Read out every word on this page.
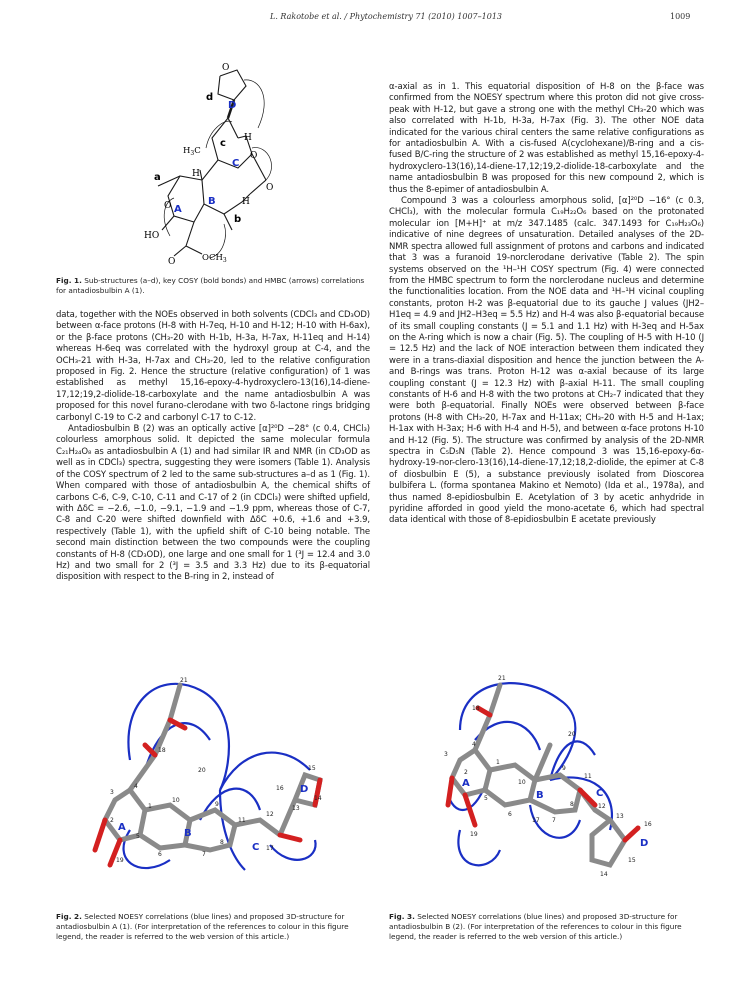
L. Rakotobe et al. / Phytochemistry 71 (2010) 1007–1013	1009
O
d
D
H
c
$H_3C$
C
O
O
a	H
B	H
b
O A
HO
O	$OCH_3$
Fig. 1. Sub-structures (a–d), key COSY (bold bonds) and HMBC (arrows) correlations for antadiosbulbin A (1).

data, together with the NOEs observed in both solvents (CDCl₃ and CD₃OD) between α-face protons (H-8 with H-7eq, H-10 and H-12; H-10 with H-6ax), or the β-face protons (CH₃-20 with H-1b, H-3a, H-7ax, H-11eq and H-14) whereas H-6eq was correlated with the hydroxyl group at C-4, and the OCH₃-21 with H-3a, H-7ax and CH₃-20, led to the relative configuration proposed in Fig. 2. Hence the structure (relative configuration) of 1 was established as methyl 15,16-epoxy-4-hydroxyclero-13(16),14-diene-17,12;19,2-diolide-18-carboxylate and the name antadiosbulbin A was proposed for this novel furano-clerodane with two δ-lactone rings bridging carbonyl C-19 to C-2 and carbonyl C-17 to C-12.

Antadiosbulbin B (2) was an optically active [α]²⁰D −28° (c 0.4, CHCl₃) colourless amorphous solid. It depicted the same molecular formula C₂₁H₂₄O₈ as antadiosbulbin A (1) and had similar IR and NMR (in CD₃OD as well as in CDCl₃) spectra, suggesting they were isomers (Table 1). Analysis of the COSY spectrum of 2 led to the same sub-structures a–d as 1 (Fig. 1). When compared with those of antadiosbulbin A, the chemical shifts of carbons C-6, C-9, C-10, C-11 and C-17 of 2 (in CDCl₃) were shifted upfield, with ΔδC = −2.6, −1.0, −9.1, −1.9 and −1.9 ppm, whereas those of C-7, C-8 and C-20 were shifted downfield with ΔδC +0.6, +1.6 and +3.9, respectively (Table 1), with the upfield shift of C-10 being notable. The second main distinction between the two compounds were the coupling constants of H-8 (CD₃OD), one large and one small for 1 (³J = 12.4 and 3.0 Hz) and two small for 2 (³J = 3.5 and 3.3 Hz) due to its β-equatorial disposition with respect to the B-ring in 2, instead of

α-axial as in 1. This equatorial disposition of H-8 on the β-face was confirmed from the NOESY spectrum where this proton did not give cross-peak with H-12, but gave a strong one with the methyl CH₃-20 which was also correlated with H-1b, H-3a, H-7ax (Fig. 3). The other NOE data indicated for the various chiral centers the same relative configurations as for antadiosbulbin A. With a cis-fused A(cyclohexane)/B-ring and a cis-fused B/C-ring the structure of 2 was established as methyl 15,16-epoxy-4-hydroxyclero-13(16),14-diene-17,12;19,2-diolide-18-carboxylate and the name antadiosbulbin B was proposed for this new compound 2, which is thus the 8-epimer of antadiosbulbin A.

Compound 3 was a colourless amorphous solid, [α]²⁰D −16° (c 0.3, CHCl₃), with the molecular formula C₁₉H₂₂O₆ based on the protonated molecular ion [M+H]⁺ at m/z 347.1485 (calc. 347.1493 for C₁₉H₂₃O₆) indicative of nine degrees of unsaturation. Detailed analyses of the 2D-NMR spectra allowed full assignment of protons and carbons and indicated that 3 was a furanoid 19-norclerodane derivative (Table 2). The spin systems observed on the ¹H–¹H COSY spectrum (Fig. 4) were connected from the HMBC spectrum to form the norclerodane nucleus and determine the functionalities location. From the NOE data and ¹H–¹H vicinal coupling constants, proton H-2 was β-equatorial due to its gauche J values (JH2–H1eq = 4.9 and JH2–H3eq = 5.5 Hz) and H-4 was also β-equatorial because of its small coupling constants (J = 5.1 and 1.1 Hz) with H-3eq and H-5ax on the A-ring which is now a chair (Fig. 5). The coupling of H-5 with H-10 (J = 12.5 Hz) and the lack of NOE interaction between them indicated they were in a trans-diaxial disposition and hence the junction between the A- and B-rings was trans. Proton H-12 was α-axial because of its large coupling constant (J = 12.3 Hz) with β-axial H-11. The small coupling constants of H-6 and H-8 with the two protons at CH₂-7 indicated that they were both β-equatorial. Finally NOEs were observed between β-face protons (H-8 with CH₃-20, H-7ax and H-11ax; CH₃-20 with H-5 and H-1ax; H-1ax with H-3ax; H-6 with H-4 and H-5), and between α-face protons H-10 and H-12 (Fig. 5). The structure was confirmed by analysis of the 2D-NMR spectra in C₅D₅N (Table 2). Hence compound 3 was 15,16-epoxy-6α-hydroxy-19-nor-clero-13(16),14-diene-17,12;18,2-diolide, the epimer at C-8 of diosbulbin E (5), a substance previously isolated from Dioscorea bulbifera L. (forma spontanea Makino et Nemoto) (Ida et al., 1978a), and thus named 8-epidiosbulbin E. Acetylation of 3 by acetic anhydride in pyridine afforded in good yield the mono-acetate 6, which had spectral data identical with those of 8-epidiosbulbin E acetate previously

21
18
3
4
2
1
5
10
6
9
8
7
11
12
17
20
13
14
15
16
19
A
B
C
D
Fig. 2. Selected NOESY correlations (blue lines) and proposed 3D-structure for antadiosbulbin A (1). (For interpretation of the references to colour in this figure legend, the reader is referred to the web version of this article.)
21
18
3
4
2
1
5
10
6
9
8
7
11
12
13
20
14
15
16
19
17
A
B	C
D
Fig. 3. Selected NOESY correlations (blue lines) and proposed 3D-structure for antadiosbulbin B (2). (For interpretation of the references to colour in this figure legend, the reader is referred to the web version of this article.)
